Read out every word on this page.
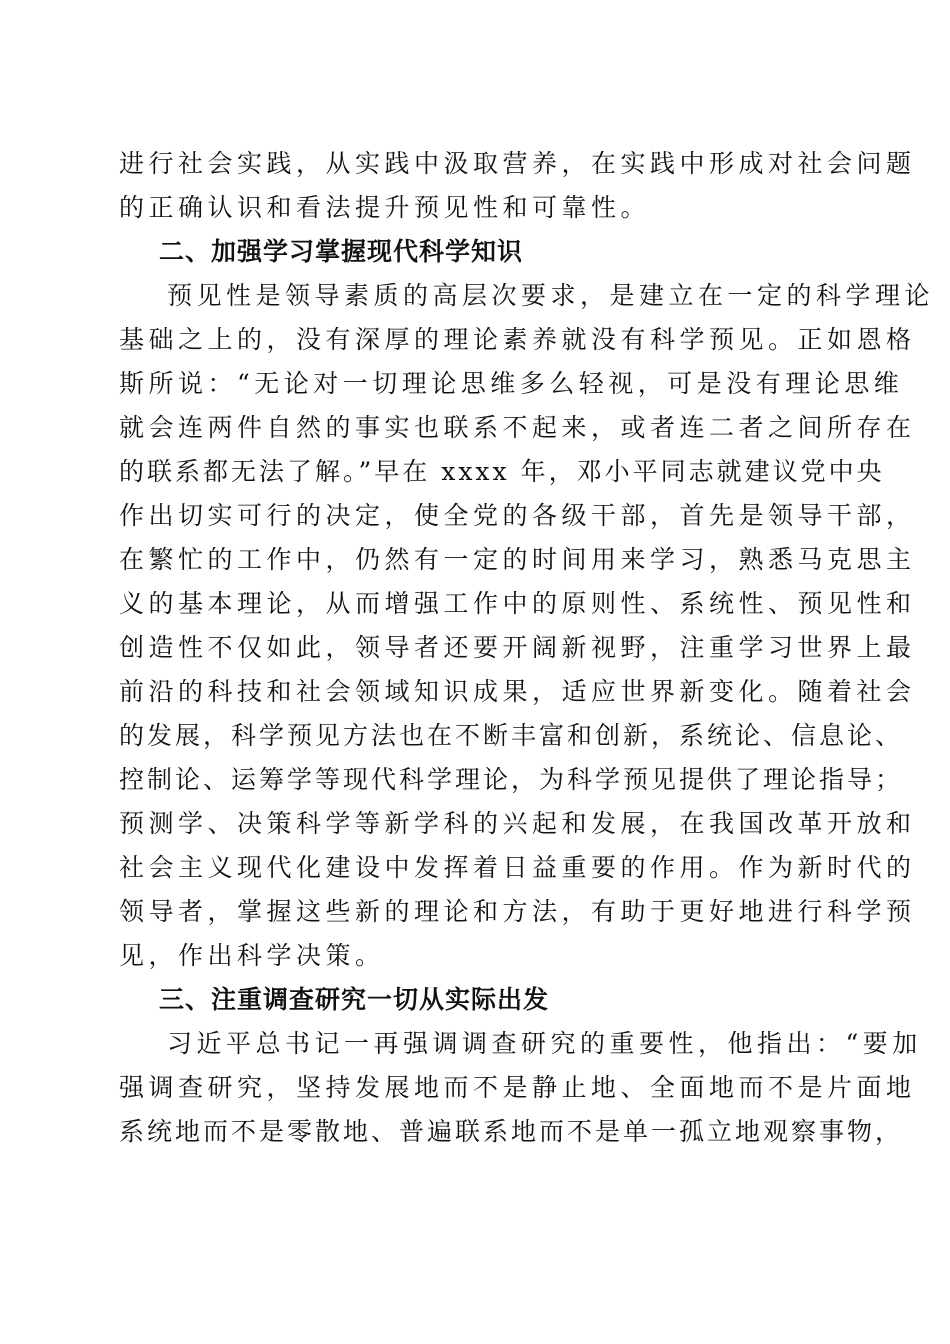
进行社会实践，从实践中汲取营养，在实践中形成对社会问题

的正确认识和看法提升预见性和可靠性。

二、加强学习掌握现代科学知识

预见性是领导素质的高层次要求，是建立在一定的科学理论

基础之上的，没有深厚的理论素养就没有科学预见。正如恩格

斯所说：“无论对一切理论思维多么轻视，可是没有理论思维

就会连两件自然的事实也联系不起来，或者连二者之间所存在

的联系都无法了解。”早在 xxxx 年，邓小平同志就建议党中央

作出切实可行的决定，使全党的各级干部，首先是领导干部，

在繁忙的工作中，仍然有一定的时间用来学习，熟悉马克思主

义的基本理论，从而增强工作中的原则性、系统性、预见性和

创造性不仅如此，领导者还要开阔新视野，注重学习世界上最

前沿的科技和社会领域知识成果，适应世界新变化。随着社会

的发展，科学预见方法也在不断丰富和创新，系统论、信息论、

控制论、运筹学等现代科学理论，为科学预见提供了理论指导；

预测学、决策科学等新学科的兴起和发展，在我国改革开放和

社会主义现代化建设中发挥着日益重要的作用。作为新时代的

领导者，掌握这些新的理论和方法，有助于更好地进行科学预

见，作出科学决策。

三、注重调查研究一切从实际出发

习近平总书记一再强调调查研究的重要性，他指出：“要加

强调查研究，坚持发展地而不是静止地、全面地而不是片面地

系统地而不是零散地、普遍联系地而不是单一孤立地观察事物，
